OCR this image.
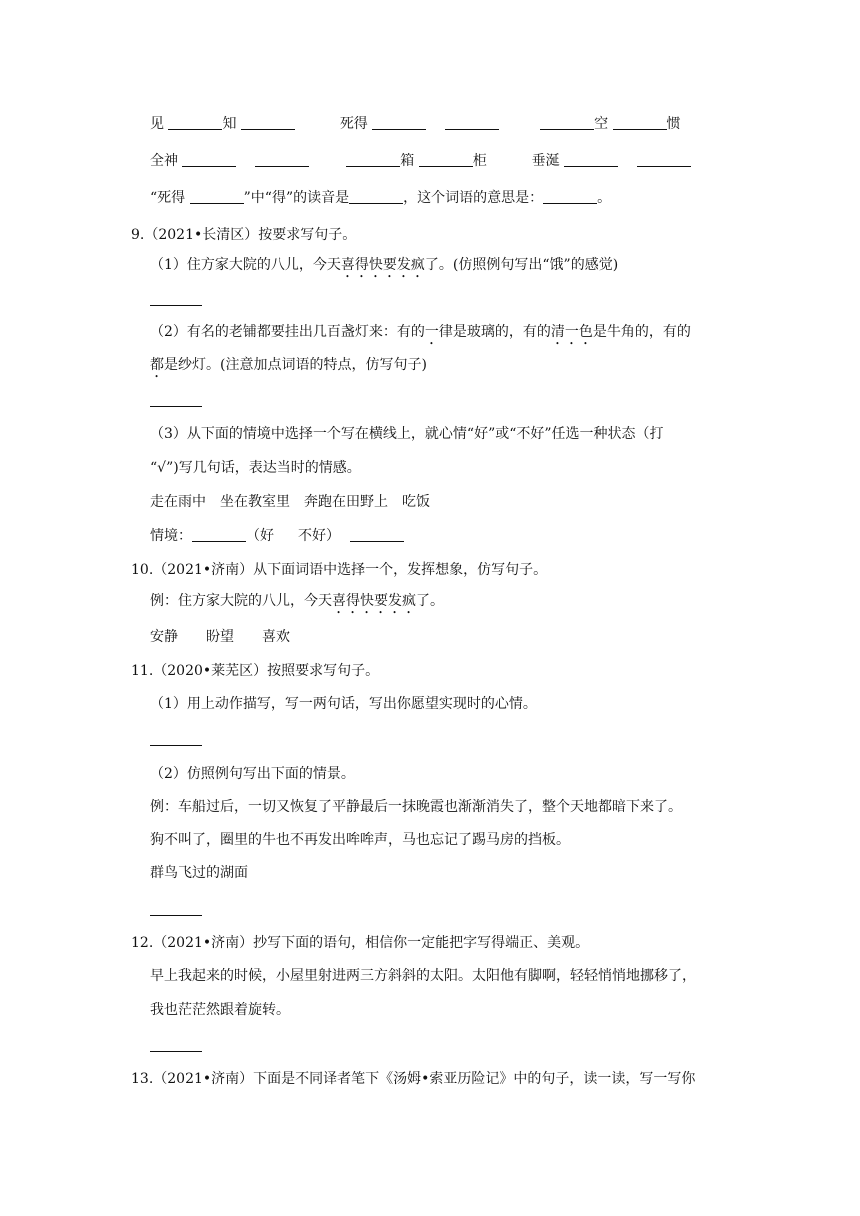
见	知	死得	空	惯
全神	箱	柜	垂涎
“死得	”中“得”的读音是	，这个词语的意思是：	。
9.（2021•长清区）按要求写句子。
（1）住方家大院的八儿，今天喜得快要发疯了。(仿照例句写出“饿”的感觉)
（2）有名的老铺都要挂出几百盏灯来：有的一律是玻璃的，有的清一色是牛角的，有的
都是纱灯。(注意加点词语的特点，仿写句子)
（3）从下面的情境中选择一个写在横线上，就心情“好”或“不好”任选一种状态（打
“√”)写几句话，表达当时的情感。
走在雨中　坐在教室里　奔跑在田野上　吃饭
情境：	（好 不好）
10.（2021•济南）从下面词语中选择一个，发挥想象，仿写句子。
例：住方家大院的八儿，今天喜得快要发疯了。
安静　　盼望　　喜欢
11.（2020•莱芜区）按照要求写句子。
（1）用上动作描写，写一两句话，写出你愿望实现时的心情。
（2）仿照例句写出下面的情景。
例：车船过后，一切又恢复了平静最后一抹晚霞也渐渐消失了，整个天地都暗下来了。
狗不叫了，圈里的牛也不再发出哞哞声，马也忘记了踢马房的挡板。
群鸟飞过的湖面
12.（2021•济南）抄写下面的语句，相信你一定能把字写得端正、美观。
早上我起来的时候，小屋里射进两三方斜斜的太阳。太阳他有脚啊，轻轻悄悄地挪移了，
我也茫茫然跟着旋转。
13.（2021•济南）下面是不同译者笔下《汤姆•索亚历险记》中的句子，读一读，写一写你
